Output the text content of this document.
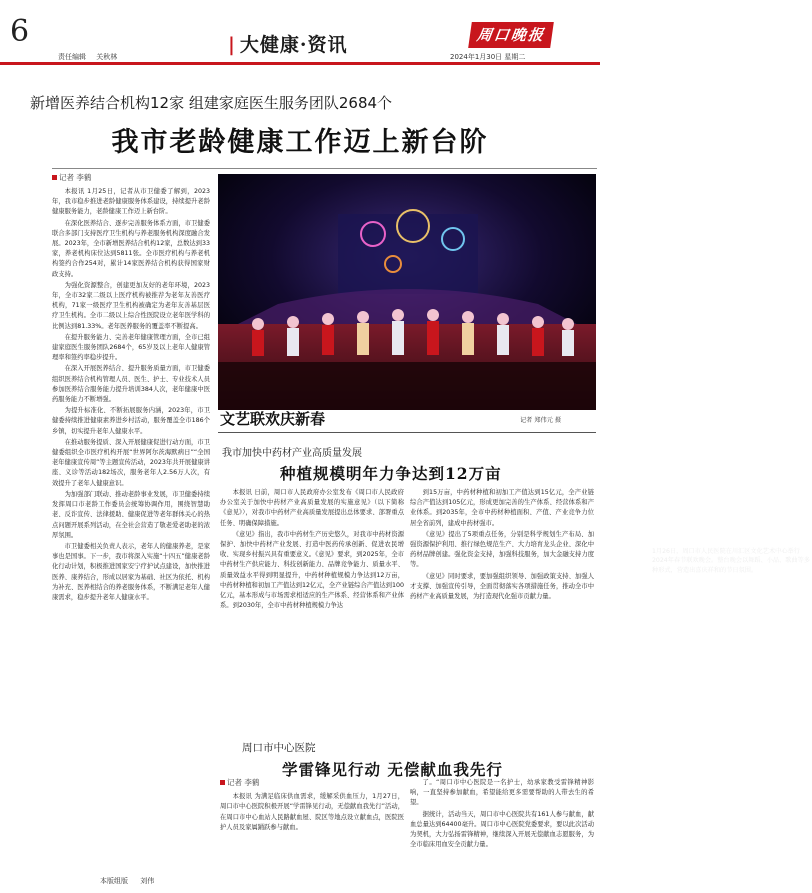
6
责任编辑 关秋林
| 大健康·资讯	周口晚报
2024年1月30日 星期二
新增医养结合机构12家 组建家庭医生服务团队2684个
我市老龄健康工作迈上新台阶
记者 李鹤

本报讯 1月25日，记者从市卫健委了解到，2023年，我市稳步推进老龄健康服务体系建设，持续提升老龄健康服务能力，老龄健康工作迈上新台阶。

在深化医养结合、逐步完善服务体系方面，市卫健委联合多部门支持医疗卫生机构与养老服务机构深度融合发展。2023年，全市新增医养结合机构12家，总数达到33家，养老机构床位达到5811张。全市医疗机构与养老机构签约合作254对，累计14家医养结合机构获得国家财政支持。

为强化资源整合，创建更加友好的老年环境，2023年，全市32家二级以上医疗机构被推荐为老年友善医疗机构，71家一级医疗卫生机构被确定为老年友善基层医疗卫生机构。全市二级以上综合性医院设立老年医学科的比例达到81.33%。老年医养服务的覆盖率不断提高。

在提升服务能力、完善老年健康管理方面，全市已组建家庭医生服务团队2684个，65岁及以上老年人健康管理率和签约率稳步提升。

在深入开展医养结合、提升服务质量方面，市卫健委组织医养结合机构管理人员、医生、护士、专业技术人员参加医养结合服务能力提升培训384人次，老年健康中医药服务能力不断增强。

为提升标准化、不断拓展服务内涵，2023年，市卫健委持续推进健康素养进乡村活动，服务覆盖全市186个乡镇，切实提升老年人健康水平。

在推动服务提质、深入开展健康促进行动方面，市卫健委组织全市医疗机构开展“世界阿尔茨海默病日”“全国老年健康宣传周”等主题宣传活动，2023年共开展健康讲座、义诊等活动182场次，服务老年人2.56万人次，有效提升了老年人健康意识。

为加强部门联动、推动老龄事业发展，市卫健委持续发挥周口市老龄工作委员会统筹协调作用，围绕智慧助老、反诈宣传、法律援助、健康促进等老年群体关心的热点问题开展系列活动，在全社会营造了敬老爱老助老的浓厚氛围。

市卫健委相关负责人表示，老年人的健康养老，是家事也是国事。下一步，我市将深入实施“十四五”健康老龄化行动计划，积极推进国家安宁疗护试点建设，加快推进医养、康养结合，形成以居家为基础、社区为依托、机构为补充、医养相结合的养老服务体系，不断满足老年人健康需求，稳步提升老年人健康水平。

1月26日，周口市人民医院在川汇区文化艺术中心举行2024年春节联欢晚会。整台晚会以舞蹈、小品、歌曲等多种形式，营造出喜庆祥和的节日氛围。
文艺联欢庆新春	记者 郑伟元 摄
我市加快中药材产业高质量发展
种植规模明年力争达到12万亩

本报讯 日前，周口市人民政府办公室发布《周口市人民政府办公室关于加快中药材产业高质量发展的实施意见》（以下简称《意见》），对我市中药材产业高质量发展提出总体要求、部署重点任务、明确保障措施。

《意见》指出，我市中药材生产历史悠久，对我市中药材资源保护、加快中药材产业发展、打造中医药传承创新、促进农民增收、实现乡村振兴具有重要意义。《意见》要求，到2025年，全市中药材生产供应能力、科技创新能力、品牌竞争能力、质量水平、质量效益水平得到明显提升，中药材种植规模力争达到12万亩，中药材种植和初加工产值达到12亿元，全产业链综合产值达到100亿元，基本形成与市场需求相适应的生产体系、经营体系和产业体系。到2030年，全市中药材种植规模力争达

到15万亩，中药材种植和初加工产值达到15亿元，全产业链综合产值达到105亿元，形成更加完善的生产体系、经营体系和产业体系。到2035年，全市中药材种植面积、产值、产业竞争力位居全省前列，建成中药材强市。

《意见》提出了5项重点任务，分别是科学规划生产布局、加强资源保护利用、推行绿色规范生产、大力培育龙头企业、深化中药材品牌创建。强化资金支持，加强科技服务，加大金融支持力度等。

《意见》同时要求，要加强组织领导、加强政策支持、加强人才支撑、加强宣传引导，全面贯彻落实各项措施任务，推动全市中药材产业高质量发展，为打造现代化强市贡献力量。

周口市中心医院
学雷锋见行动 无偿献血我先行
记者 李鹤

本报讯 为满足临床供血需求，缓解采供血压力，1月27日，周口市中心医院积极开展“学雷锋见行动，无偿献血我先行”活动，在周口市中心血站人民路献血屋、院区等地点设立献血点，医院医护人员及家属踊跃参与献血。

了。“周口市中心医院是一名护士，幼承家教受雷锋精神影响，一直坚持参加献血，希望能给更多需要帮助的人带去生的希望。

据统计，活动当天，周口市中心医院共有161人参与献血，献血总量达到64400毫升。周口市中心医院党委要求，要以此次活动为契机，大力弘扬雷锋精神，继续深入开展无偿献血志愿服务，为全市临床用血安全贡献力量。

本版组版 刘伟
